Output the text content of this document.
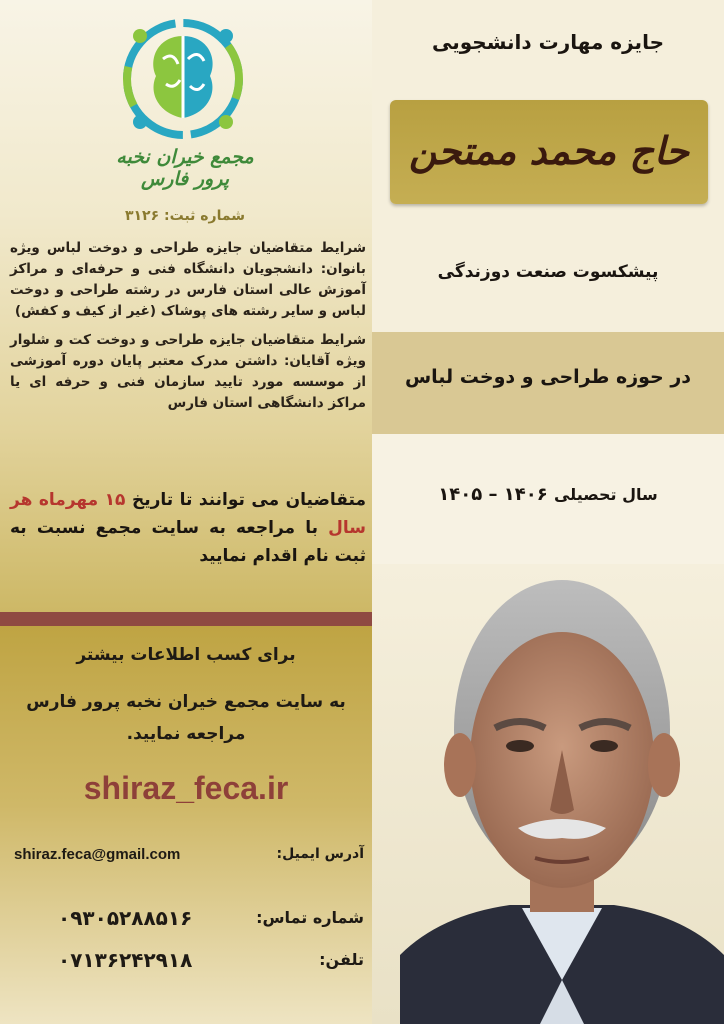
مجمع خیران نخبه پرور فارس
شماره ثبت: ۳۱۲۶
شرایط متقاضیان جایزه طراحی و دوخت لباس ویژه بانوان: دانشجویان دانشگاه فنی و حرفه‌ای و مراکز آموزش عالی استان فارس در رشته طراحی و دوخت لباس و سایر رشته های پوشاک (غیر از کیف و کفش)
شرایط متقاضیان جایزه طراحی و دوخت کت و شلوار ویژه آقایان: داشتن مدرک معتبر پایان دوره آموزشی از موسسه مورد تایید سازمان فنی و حرفه ای یا مراکز دانشگاهی استان فارس
متقاضیان می توانند تا تاریخ ۱۵ مهرماه هر سال با مراجعه به سایت مجمع نسبت به ثبت نام اقدام نمایید
برای کسب اطلاعات بیشتر
به سایت مجمع خیران نخبه پرور فارس مراجعه نمایید.
shiraz_feca.ir
آدرس ایمیل:
shiraz.feca@gmail.com
شماره تماس:
۰۹۳۰۵۲۸۸۵۱۶
تلفن:
۰۷۱۳۶۲۴۲۹۱۸
جایزه مهارت دانشجویی
حاج محمد ممتحن
پیشکسوت صنعت دوزندگی
در حوزه طراحی و دوخت لباس
سال تحصیلی ۱۴۰۶ – ۱۴۰۵
